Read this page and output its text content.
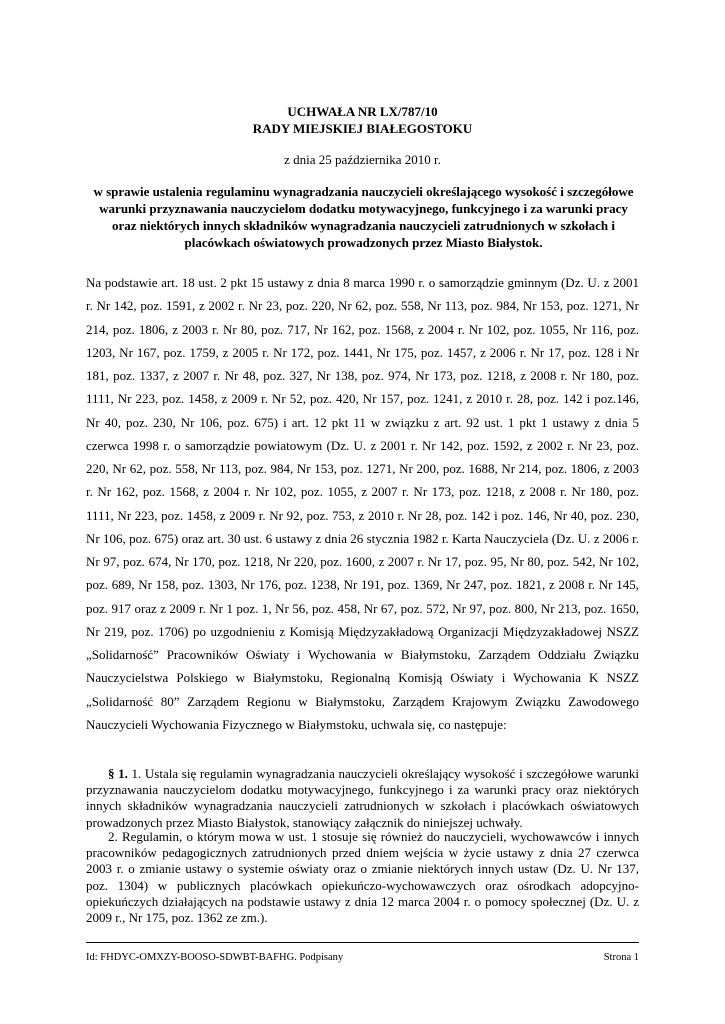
UCHWAŁA NR LX/787/10
RADY MIEJSKIEJ BIAŁEGOSTOKU
z dnia 25 października 2010 r.
w sprawie ustalenia regulaminu wynagradzania nauczycieli określającego wysokość i szczegółowe warunki przyznawania nauczycielom dodatku motywacyjnego, funkcyjnego i za warunki pracy oraz niektórych innych składników wynagradzania nauczycieli zatrudnionych w szkołach i placówkach oświatowych prowadzonych przez Miasto Białystok.
Na podstawie art. 18 ust. 2 pkt 15 ustawy z dnia 8 marca 1990 r. o samorządzie gminnym (Dz. U. z 2001 r. Nr 142, poz. 1591, z 2002 r. Nr 23, poz. 220, Nr 62, poz. 558, Nr 113, poz. 984, Nr 153, poz. 1271, Nr 214, poz. 1806, z 2003 r. Nr 80, poz. 717, Nr 162, poz. 1568, z 2004 r. Nr 102, poz. 1055, Nr 116, poz. 1203, Nr 167, poz. 1759, z 2005 r. Nr 172, poz. 1441, Nr 175, poz. 1457, z 2006 r. Nr 17, poz. 128 i Nr 181, poz. 1337, z 2007 r. Nr 48, poz. 327, Nr 138, poz. 974, Nr 173, poz. 1218, z 2008 r. Nr 180, poz. 1111, Nr 223, poz. 1458, z 2009 r. Nr 52, poz. 420, Nr 157, poz. 1241, z 2010 r. 28, poz. 142 i poz.146, Nr 40, poz. 230, Nr 106, poz. 675) i art. 12 pkt 11 w związku z art. 92 ust. 1 pkt 1 ustawy z dnia 5 czerwca 1998 r. o samorządzie powiatowym (Dz. U. z 2001 r. Nr 142, poz. 1592, z 2002 r. Nr 23, poz. 220, Nr 62, poz. 558, Nr 113, poz. 984, Nr 153, poz. 1271, Nr 200, poz. 1688, Nr 214, poz. 1806, z 2003 r. Nr 162, poz. 1568, z 2004 r. Nr 102, poz. 1055, z 2007 r. Nr 173, poz. 1218, z 2008 r. Nr 180, poz. 1111, Nr 223, poz. 1458, z 2009 r. Nr 92, poz. 753, z 2010 r. Nr 28, poz. 142 i poz. 146, Nr 40, poz. 230, Nr 106, poz. 675) oraz art. 30 ust. 6 ustawy z dnia 26 stycznia 1982 r. Karta Nauczyciela (Dz. U. z 2006 r. Nr 97, poz. 674, Nr 170, poz. 1218, Nr 220, poz. 1600, z 2007 r. Nr 17, poz. 95, Nr 80, poz. 542, Nr 102, poz. 689, Nr 158, poz. 1303, Nr 176, poz. 1238, Nr 191, poz. 1369, Nr 247, poz. 1821, z 2008 r. Nr 145, poz. 917 oraz z 2009 r. Nr 1 poz. 1, Nr 56, poz. 458, Nr 67, poz. 572, Nr 97, poz. 800, Nr 213, poz. 1650, Nr 219, poz. 1706) po uzgodnieniu z Komisją Międzyzakładową Organizacji Międzyzakładowej NSZZ „Solidarność” Pracowników Oświaty i Wychowania w Białymstoku, Zarządem Oddziału Związku Nauczycielstwa Polskiego w Białymstoku, Regionalną Komisją Oświaty i Wychowania K NSZZ „Solidarność 80” Zarządem Regionu w Białymstoku, Zarządem Krajowym Związku Zawodowego Nauczycieli Wychowania Fizycznego w Białymstoku, uchwala się, co następuje:
§ 1. 1. Ustala się regulamin wynagradzania nauczycieli określający wysokość i szczegółowe warunki przyznawania nauczycielom dodatku motywacyjnego, funkcyjnego i za warunki pracy oraz niektórych innych składników wynagradzania nauczycieli zatrudnionych w szkołach i placówkach oświatowych prowadzonych przez Miasto Białystok, stanowiący załącznik do niniejszej uchwały.
2. Regulamin, o którym mowa w ust. 1 stosuje się również do nauczycieli, wychowawców i innych pracowników pedagogicznych zatrudnionych przed dniem wejścia w życie ustawy z dnia 27 czerwca 2003 r. o zmianie ustawy o systemie oświaty oraz o zmianie niektórych innych ustaw (Dz. U. Nr 137, poz. 1304) w publicznych placówkach opiekuńczo-wychowawczych oraz ośrodkach adopcyjno-opiekuńczych działających na podstawie ustawy z dnia 12 marca 2004 r. o pomocy społecznej (Dz. U. z 2009 r., Nr 175, poz. 1362 ze zm.).
Id: FHDYC-OMXZY-BOOSO-SDWBT-BAFHG. Podpisany	Strona 1
